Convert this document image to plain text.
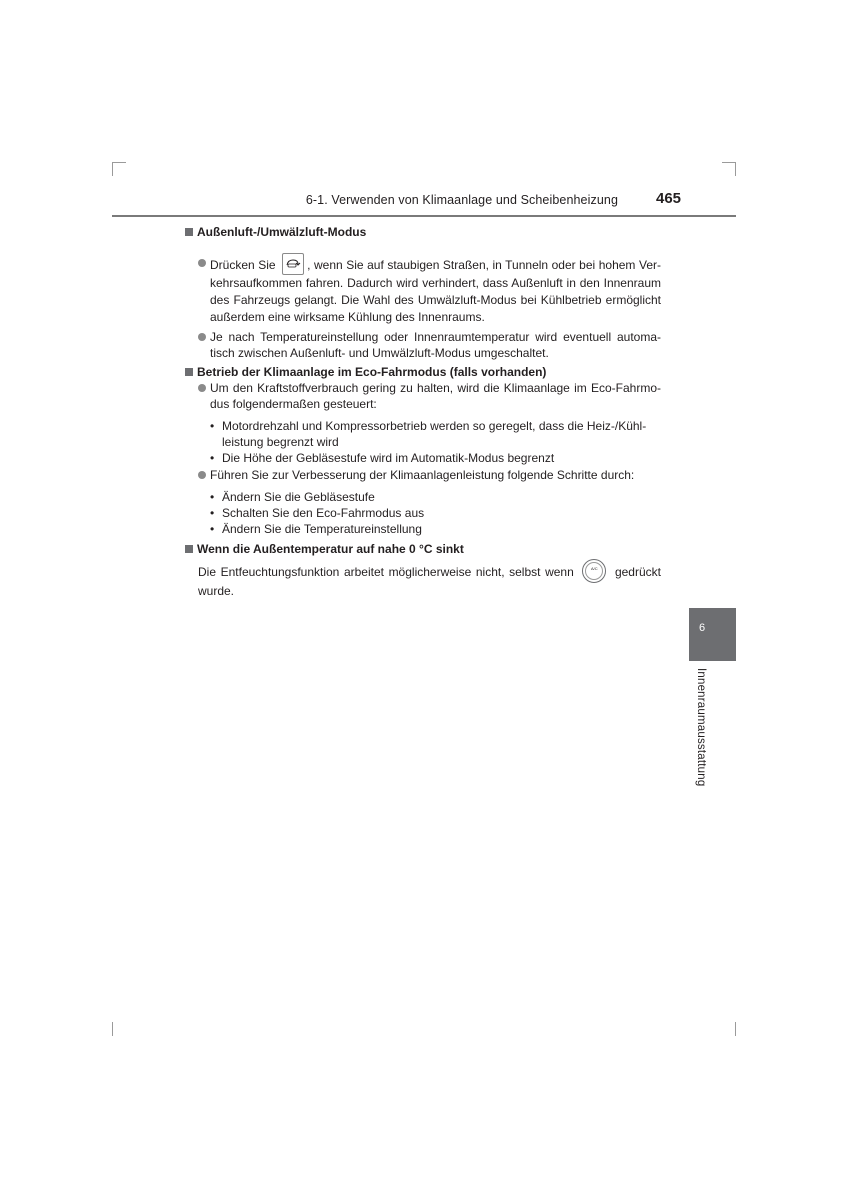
6-1. Verwenden von Klimaanlage und Scheibenheizung	465

Außenluft-/Umwälzluft-Modus

Drücken Sie	, wenn Sie auf staubigen Straßen, in Tunneln oder bei hohem Verkehrsaufkommen fahren. Dadurch wird verhindert, dass Außenluft in den Innenraum des Fahrzeugs gelangt. Die Wahl des Umwälzluft-Modus bei Kühlbetrieb ermöglicht außerdem eine wirksame Kühlung des Innenraums.
Je nach Temperatureinstellung oder Innenraumtemperatur wird eventuell automatisch zwischen Außenluft- und Umwälzluft-Modus umgeschaltet.

Betrieb der Klimaanlage im Eco-Fahrmodus (falls vorhanden)

Um den Kraftstoffverbrauch gering zu halten, wird die Klimaanlage im Eco-Fahrmodus folgendermaßen gesteuert:
• Motordrehzahl und Kompressorbetrieb werden so geregelt, dass die Heiz-/Kühlleistung begrenzt wird
• Die Höhe der Gebläsestufe wird im Automatik-Modus begrenzt
Führen Sie zur Verbesserung der Klimaanlagenleistung folgende Schritte durch:
• Ändern Sie die Gebläsestufe
• Schalten Sie den Eco-Fahrmodus aus
• Ändern Sie die Temperatureinstellung

Wenn die Außentemperatur auf nahe 0 °C sinkt

Die Entfeuchtungsfunktion arbeitet möglicherweise nicht, selbst wenn	A/C	gedrückt wurde.
6
Innenraumausstattung
